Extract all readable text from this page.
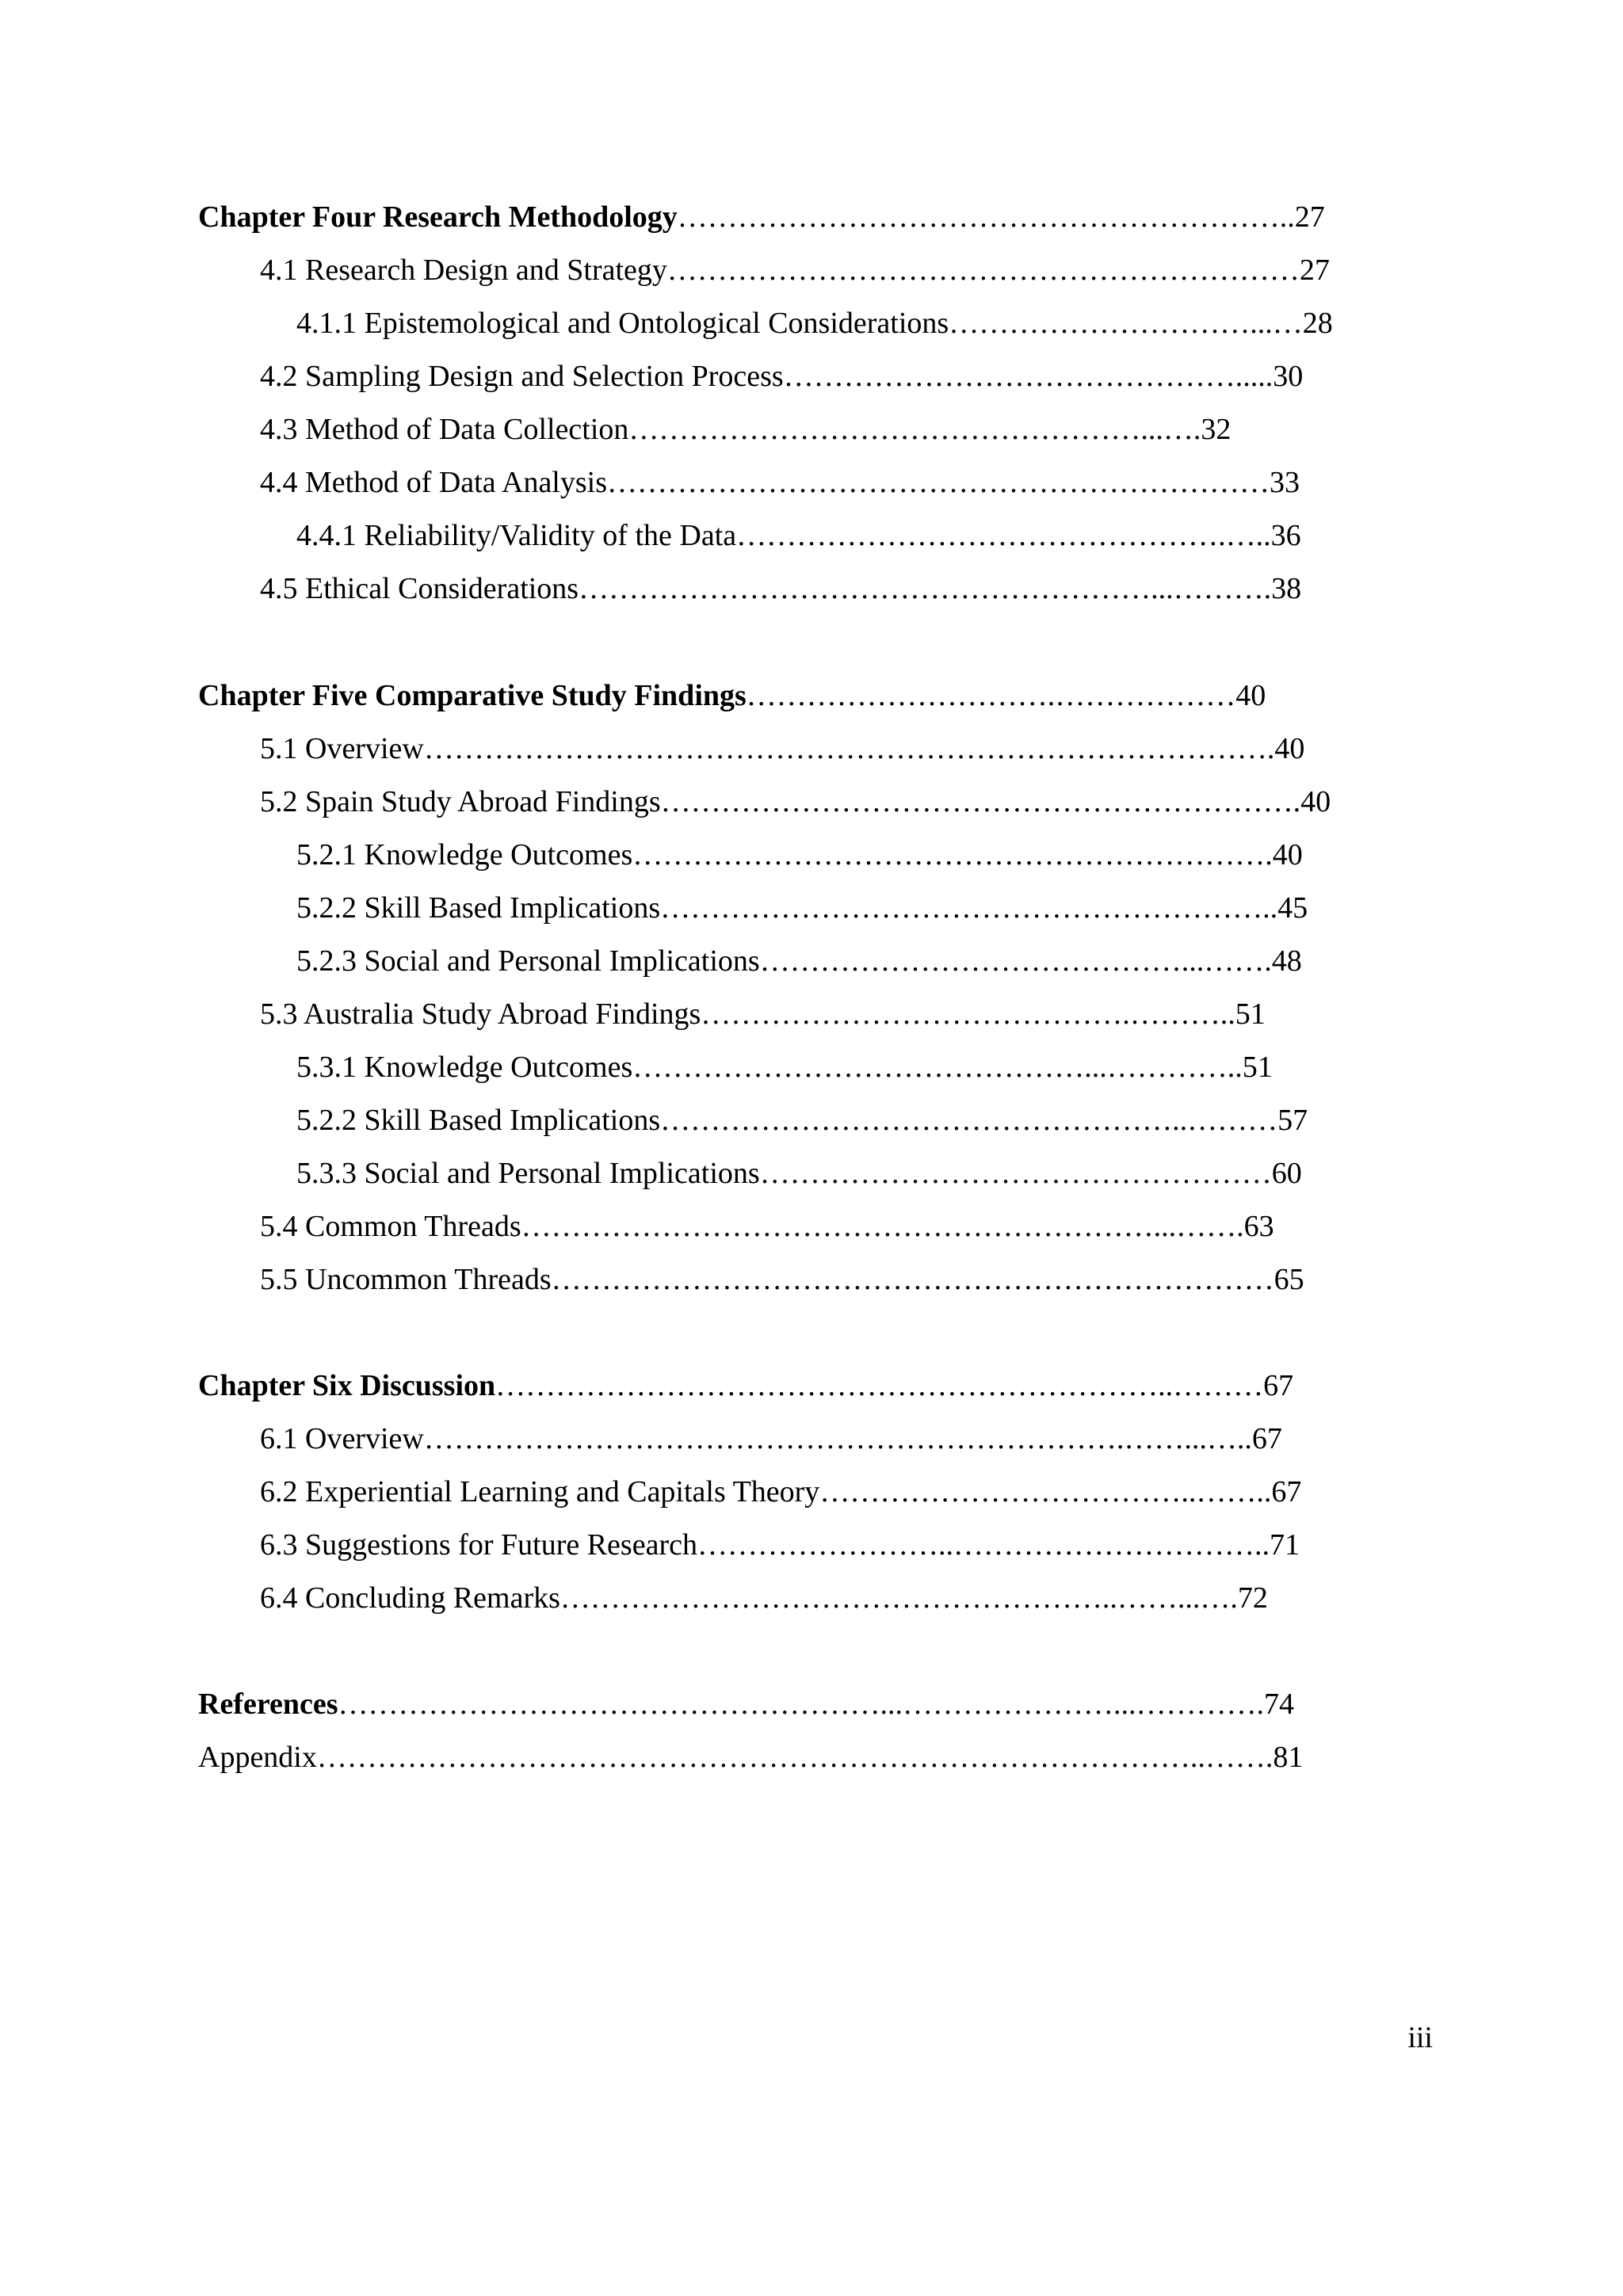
Chapter Four Research Methodology……………………………………………………..27
4.1 Research Design and Strategy………………………………………………………27
4.1.1 Epistemological and Ontological Considerations…………………………...…28
4.2 Sampling Design and Selection Process……………………………………….....30
4.3 Method of Data Collection……………………………………………...….32
4.4 Method of Data Analysis…………………………………………………………33
4.4.1 Reliability/Validity of the Data………………………………………….…..36
4.5 Ethical Considerations…………………………………………………...……….38
Chapter Five Comparative Study Findings………………………….………………40
5.1 Overview………………………………………………………………………….40
5.2 Spain Study Abroad Findings……………………………………………………….40
5.2.1 Knowledge Outcomes……………………………………………………….40
5.2.2 Skill Based Implications……………………………………………………..45
5.2.3 Social and Personal Implications……………………………………...…….48
5.3 Australia Study Abroad Findings…………………………………….………..51
5.3.1 Knowledge Outcomes………………………………………...…………..51
5.2.2 Skill Based Implications……………………………………………..………57
5.3.3 Social and Personal Implications……………………………………………60
5.4 Common Threads………………………………………………………...…….63
5.5 Uncommon Threads………………………………………………………………65
Chapter Six Discussion…………………………………………………………..………67
6.1 Overview…………………………………………………………….……...…..67
6.2 Experiential Learning and Capitals Theory………………………………..……..67
6.3 Suggestions for Future Research……………………..…………………………..71
6.4 Concluding Remarks………………………………………………..……...….72
References………………………………………………...…………………...………….74
Appendix……………………………………………………………………………..…….81
iii
